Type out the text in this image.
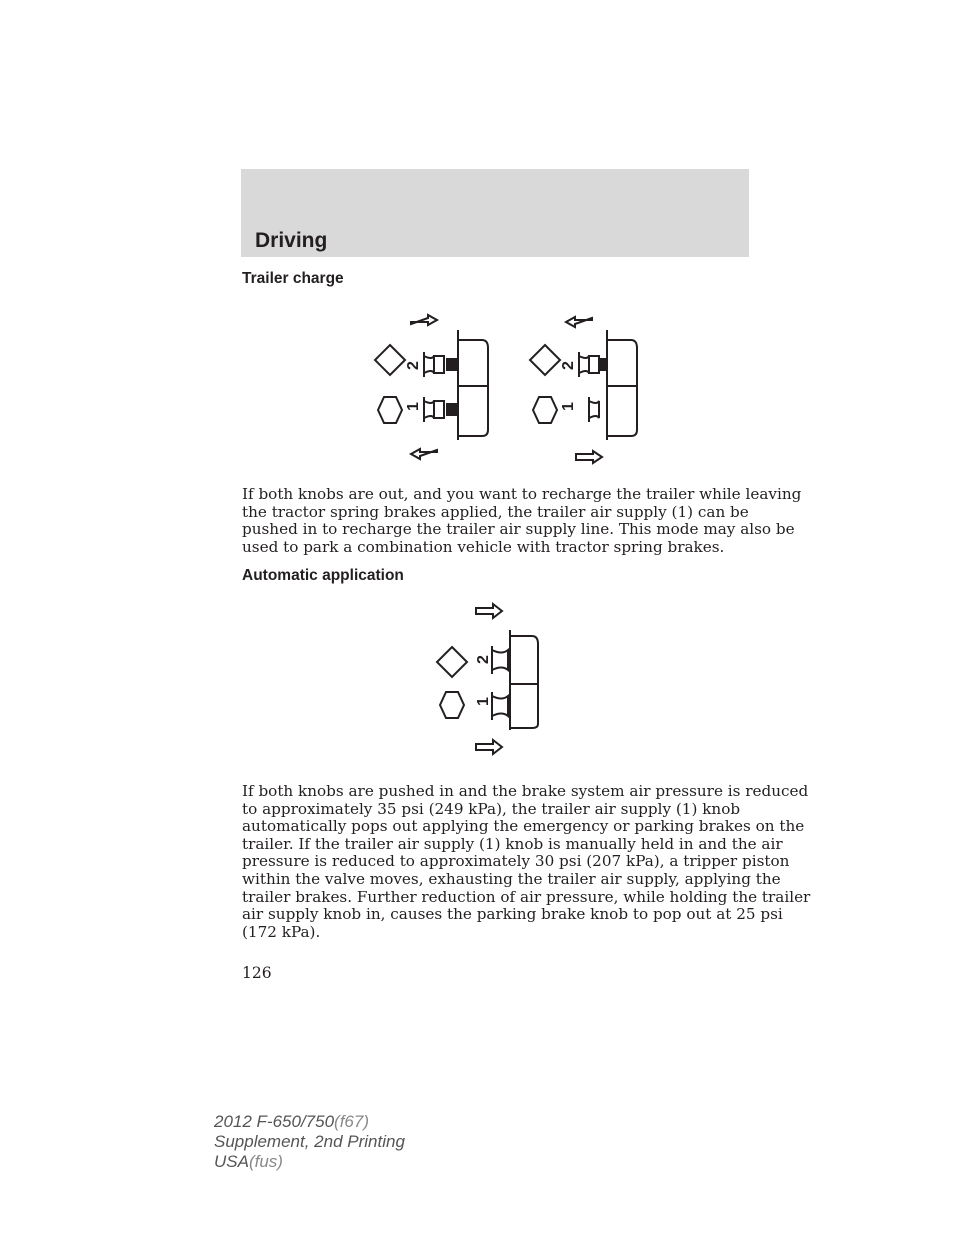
Driving
Trailer charge
2
1
2
1

If both knobs are out, and you want to recharge the trailer while leaving
the tractor spring brakes applied, the trailer air supply (1) can be
pushed in to recharge the trailer air supply line. This mode may also be
used to park a combination vehicle with tractor spring brakes.

Automatic application
2
1

If both knobs are pushed in and the brake system air pressure is reduced
to approximately 35 psi (249 kPa), the trailer air supply (1) knob
automatically pops out applying the emergency or parking brakes on the
trailer. If the trailer air supply (1) knob is manually held in and the air
pressure is reduced to approximately 30 psi (207 kPa), a tripper piston
within the valve moves, exhausting the trailer air supply, applying the
trailer brakes. Further reduction of air pressure, while holding the trailer
air supply knob in, causes the parking brake knob to pop out at 25 psi
(172 kPa).

126
2012 F-650/750(f67)
Supplement, 2nd Printing
USA(fus)
